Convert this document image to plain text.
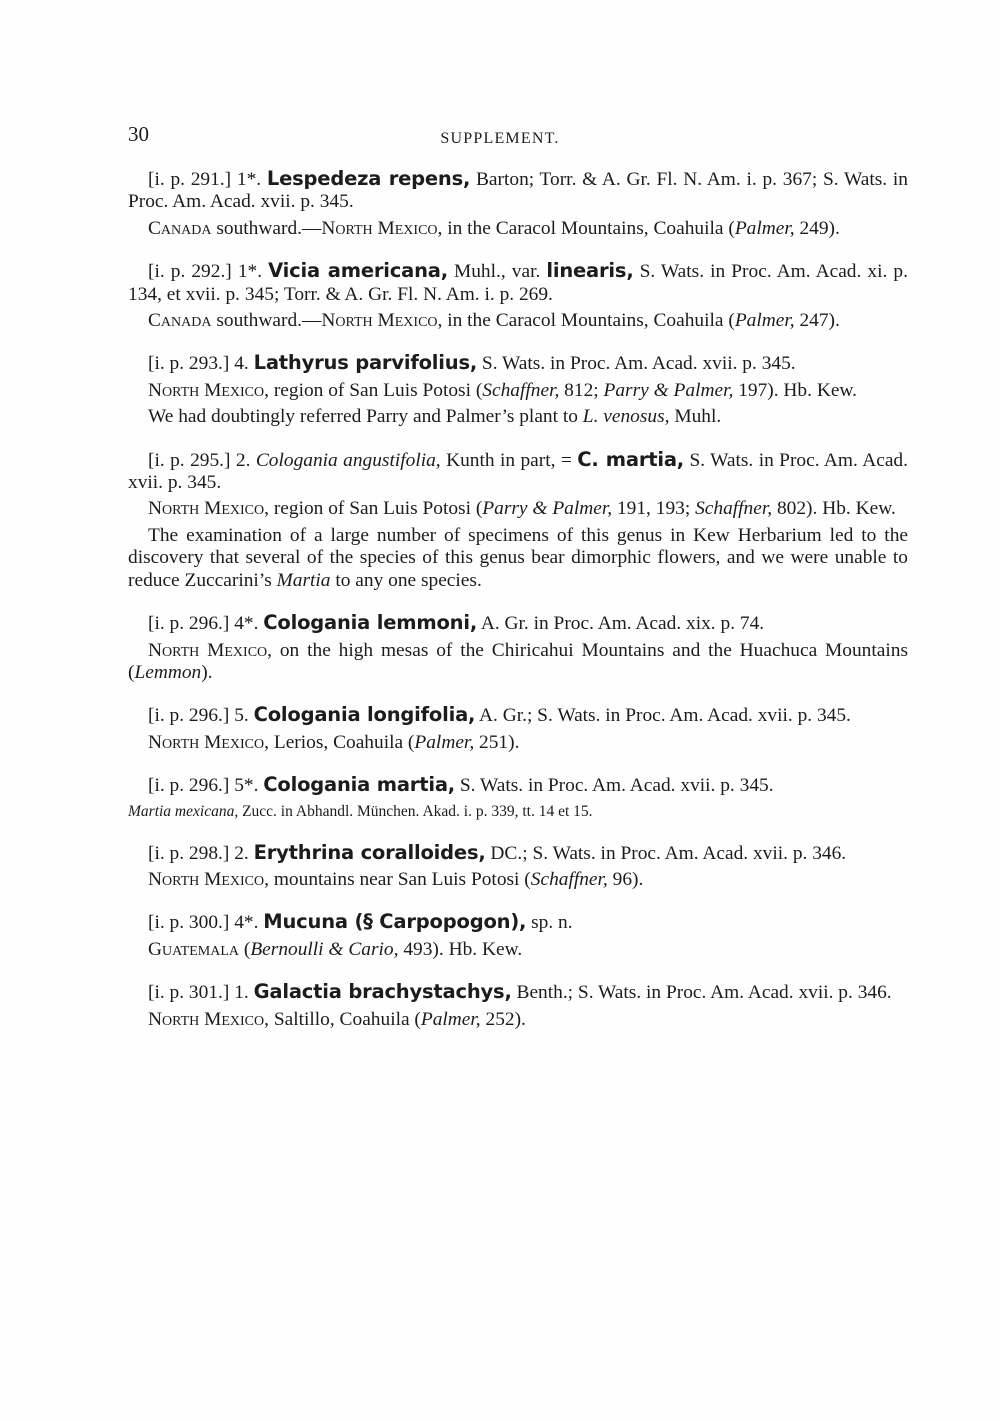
30	SUPPLEMENT.

[i. p. 291.] 1*. Lespedeza repens, Barton; Torr. & A. Gr. Fl. N. Am. i. p. 367; S. Wats. in Proc. Am. Acad. xvii. p. 345.

Canada southward.—North Mexico, in the Caracol Mountains, Coahuila (Palmer, 249).

[i. p. 292.] 1*. Vicia americana, Muhl., var. linearis, S. Wats. in Proc. Am. Acad. xi. p. 134, et xvii. p. 345; Torr. & A. Gr. Fl. N. Am. i. p. 269.

Canada southward.—North Mexico, in the Caracol Mountains, Coahuila (Palmer, 247).

[i. p. 293.] 4. Lathyrus parvifolius, S. Wats. in Proc. Am. Acad. xvii. p. 345.

North Mexico, region of San Luis Potosi (Schaffner, 812; Parry & Palmer, 197). Hb. Kew.

We had doubtingly referred Parry and Palmer’s plant to L. venosus, Muhl.

[i. p. 295.] 2. Cologania angustifolia, Kunth in part, = C. martia, S. Wats. in Proc. Am. Acad. xvii. p. 345.

North Mexico, region of San Luis Potosi (Parry & Palmer, 191, 193; Schaffner, 802). Hb. Kew.

The examination of a large number of specimens of this genus in Kew Herbarium led to the discovery that several of the species of this genus bear dimorphic flowers, and we were unable to reduce Zuccarini’s Martia to any one species.

[i. p. 296.] 4*. Cologania lemmoni, A. Gr. in Proc. Am. Acad. xix. p. 74.

North Mexico, on the high mesas of the Chiricahui Mountains and the Huachuca Mountains (Lemmon).

[i. p. 296.] 5. Cologania longifolia, A. Gr.; S. Wats. in Proc. Am. Acad. xvii. p. 345.

North Mexico, Lerios, Coahuila (Palmer, 251).

[i. p. 296.] 5*. Cologania martia, S. Wats. in Proc. Am. Acad. xvii. p. 345.

Martia mexicana, Zucc. in Abhandl. München. Akad. i. p. 339, tt. 14 et 15.

[i. p. 298.] 2. Erythrina coralloides, DC.; S. Wats. in Proc. Am. Acad. xvii. p. 346.

North Mexico, mountains near San Luis Potosi (Schaffner, 96).

[i. p. 300.] 4*. Mucuna (§ Carpopogon), sp. n.

Guatemala (Bernoulli & Cario, 493). Hb. Kew.

[i. p. 301.] 1. Galactia brachystachys, Benth.; S. Wats. in Proc. Am. Acad. xvii. p. 346.

North Mexico, Saltillo, Coahuila (Palmer, 252).
